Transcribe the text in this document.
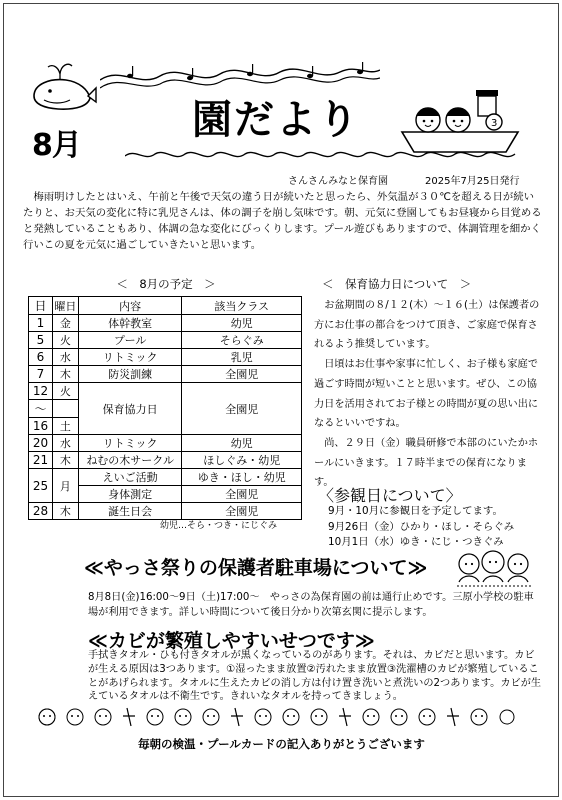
8月
園だより	3
さんさんみなと保育園	2025年7月25日発行
梅雨明けしたとはいえ、午前と午後で天気の違う日が続いたと思ったら、外気温が３０℃を超える日が続いたりと、お天気の変化に特に乳児さんは、体の調子を崩し気味です。朝、元気に登園してもお昼寝から目覚めると発熱していることもあり、体調の急な変化にびっくりします。プール遊びもありますので、体調管理を細かく行いこの夏を元気に過ごしていきたいと思います。
＜　8月の予定　＞
日	曜日	内容	該当クラス
1	金	体幹教室	幼児
5	火	プール	そらぐみ
6	水	リトミック	乳児
7	木	防災訓練	全園児
12	火	保育協力日	全園児
～			
16	土		
20	水	リトミック	幼児
21	木	ねむの木サークル	ほしぐみ・幼児
25	月	えいご活動	ゆき・ほし・幼児
		身体測定	全園児
28	木	誕生日会	全園児
幼児…そら・つき・にじぐみ
＜　保育協力日について　＞

お盆期間の８/１２(木）～１６(土）は保護者の方にお仕事の都合をつけて頂き、ご家庭で保育されるよう推奨しています。

日頃はお仕事や家事に忙しく、お子様も家庭で過ごす時間が短いことと思います。ぜひ、この協力日を活用されてお子様との時間が夏の思い出になるといいですね。

尚、２９日（金）職員研修で本部のにいたかホールにいきます。１７時半までの保育になります。

〈参観日について〉
9月・10月に参観日を予定してます。
9月26日（金）ひかり・ほし・そらぐみ
10月1日（水）ゆき・にじ・つきぐみ
≪やっさ祭りの保護者駐車場について≫
8月8日(金)16:00～9日（土)17:00～　やっさの為保育園の前は通行止めです。三原小学校の駐車場が利用できます。詳しい時間について後日分かり次第玄関に提示します。
≪カビが繁殖しやすいせつです≫
手拭きタオル・ひも付きタオルが黒くなっているのがあります。それは、カビだと思います。カビが生える原因は3つあります。①湿ったまま放置②汚れたまま放置③洗濯槽のカビが繁殖していることがあげられます。タオルに生えたカビの消し方は付け置き洗いと煮洗いの2つあります。カビが生えているタオルは不衛生です。きれいなタオルを持ってきましょう。
毎朝の検温・プールカードの記入ありがとうございます
